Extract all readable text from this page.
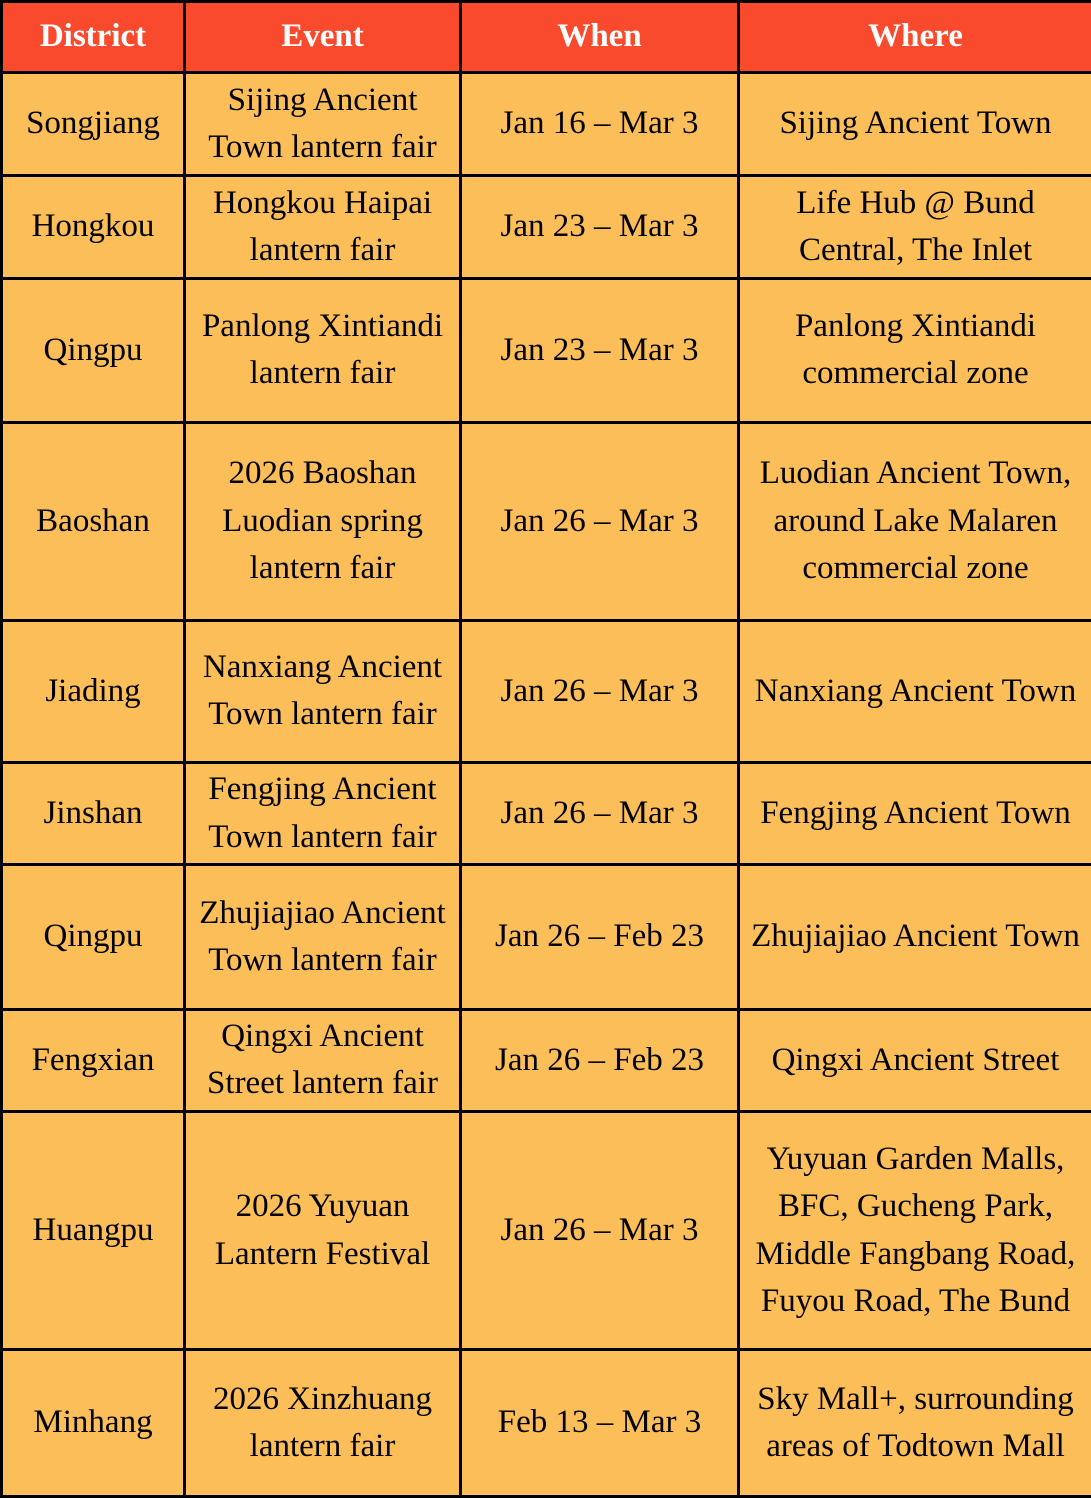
District	Event	When	Where
Songjiang	Sijing Ancient Town lantern fair	Jan 16 – Mar 3	Sijing Ancient Town
Hongkou	Hongkou Haipai lantern fair	Jan 23 – Mar 3	Life Hub @ Bund Central, The Inlet
Qingpu	Panlong Xintiandi lantern fair	Jan 23 – Mar 3	Panlong Xintiandi commercial zone
Baoshan	2026 Baoshan Luodian spring lantern fair	Jan 26 – Mar 3	Luodian Ancient Town, around Lake Malaren commercial zone
Jiading	Nanxiang Ancient Town lantern fair	Jan 26 – Mar 3	Nanxiang Ancient Town
Jinshan	Fengjing Ancient Town lantern fair	Jan 26 – Mar 3	Fengjing Ancient Town
Qingpu	Zhujiajiao Ancient Town lantern fair	Jan 26 – Feb 23	Zhujiajiao Ancient Town
Fengxian	Qingxi Ancient Street lantern fair	Jan 26 – Feb 23	Qingxi Ancient Street
Huangpu	2026 Yuyuan Lantern Festival	Jan 26 – Mar 3	Yuyuan Garden Malls, BFC, Gucheng Park, Middle Fangbang Road, Fuyou Road, The Bund
Minhang	2026 Xinzhuang lantern fair	Feb 13 – Mar 3	Sky Mall+, surrounding areas of Todtown Mall
